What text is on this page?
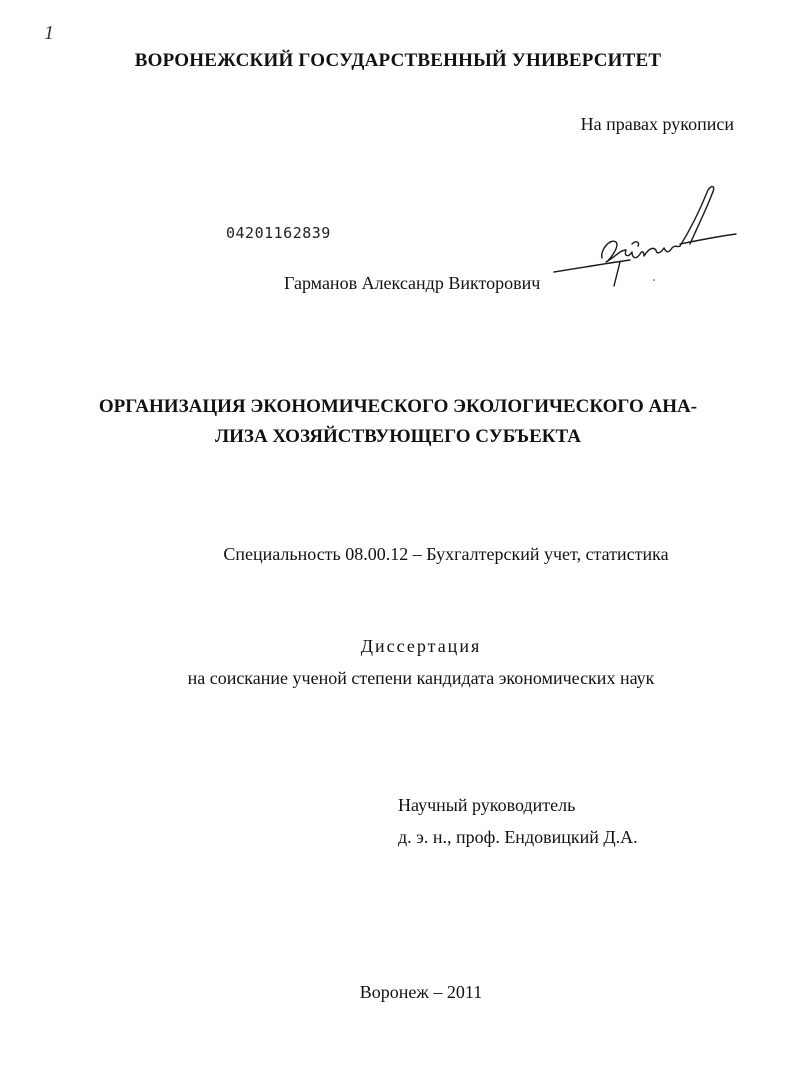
1
ВОРОНЕЖСКИЙ ГОСУДАРСТВЕННЫЙ УНИВЕРСИТЕТ
На правах рукописи
04201162839
Гарманов Александр Викторович
ОРГАНИЗАЦИЯ ЭКОНОМИЧЕСКОГО ЭКОЛОГИЧЕСКОГО АНА-
ЛИЗА ХОЗЯЙСТВУЮЩЕГО СУБЪЕКТА
Специальность 08.00.12 – Бухгалтерский учет, статистика
Диссертация
на соискание ученой степени кандидата экономических наук
Научный руководитель
д. э. н., проф. Ендовицкий Д.А.
Воронеж – 2011
